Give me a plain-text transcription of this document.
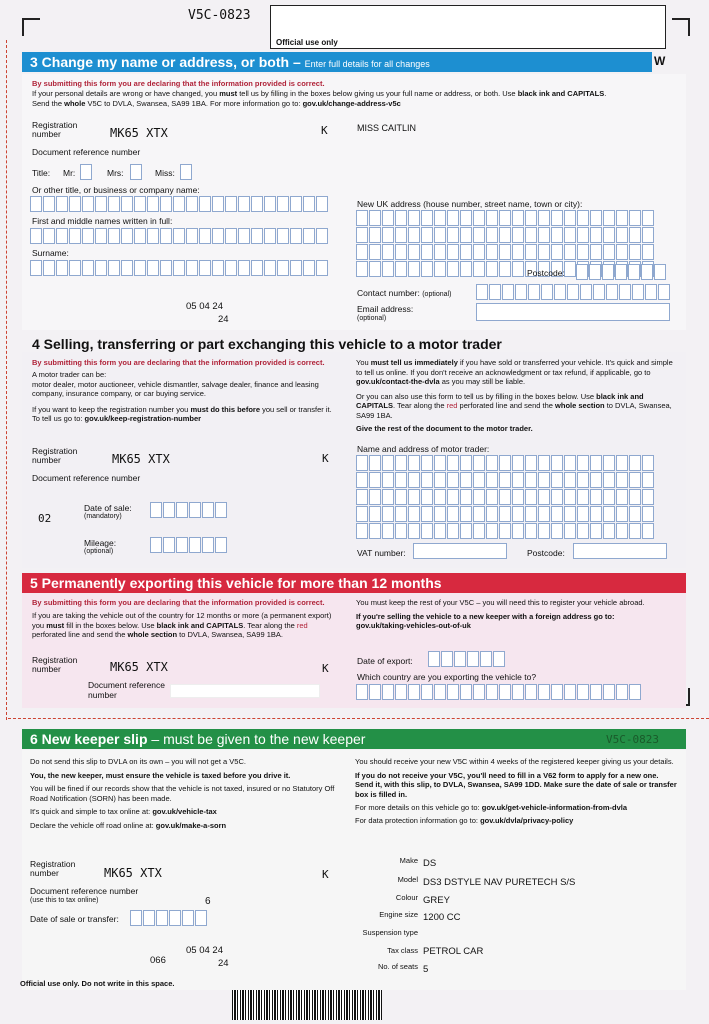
V5C-0823
Official use only
W
3 Change my name or address, or both – Enter full details for all changes
By submitting this form you are declaring that the information provided is correct.
If your personal details are wrong or have changed, you must tell us by filling in the boxes below giving us your full name or address, or both. Use black ink and CAPITALS.
Send the whole V5C to DVLA, Swansea, SA99 1BA. For more information go to: gov.uk/change-address-v5c
Registration number	MK65 XTX	K	MISS CAITLIN
Document reference number
Title: Mr:	Mrs:	Miss:
Or other title, or business or company name:
First and middle names written in full:
Surname:
New UK address (house number, street name, town or city):
Postcode:
Contact number: (optional)
Email address:
(optional)
05 04 24
24
4 Selling, transferring or part exchanging this vehicle to a motor trader
By submitting this form you are declaring that the information provided is correct.
A motor trader can be:
motor dealer, motor auctioneer, vehicle dismantler, salvage dealer, finance and leasing company, insurance company, or car buying service.
If you want to keep the registration number you must do this before you sell or transfer it. To tell us go to: gov.uk/keep-registration-number
You must tell us immediately if you have sold or transferred your vehicle. It's quick and simple to tell us online. If you don't receive an acknowledgment or tax refund, if applicable, go to gov.uk/contact-the-dvla as you may still be liable.
Or you can also use this form to tell us by filling in the boxes below. Use black ink and CAPITALS. Tear along the red perforated line and send the whole section to DVLA, Swansea, SA99 1BA.
Give the rest of the document to the motor trader.
Registration number	MK65 XTX	K
Document reference number
Name and address of motor trader:
Date of sale:
(mandatory)
02
Mileage:
(optional)	VAT number:	Postcode:
5 Permanently exporting this vehicle for more than 12 months
By submitting this form you are declaring that the information provided is correct.
If you are taking the vehicle out of the country for 12 months or more (a permanent export) you must fill in the boxes below. Use black ink and CAPITALS. Tear along the red perforated line and send the whole section to DVLA, Swansea, SA99 1BA.
You must keep the rest of your V5C – you will need this to register your vehicle abroad.
If you're selling the vehicle to a new keeper with a foreign address go to:
gov.uk/taking-vehicles-out-of-uk
Registration number	MK65 XTX	K
Document reference number
Date of export:
Which country are you exporting the vehicle to?
6 New keeper slip – must be given to the new keeper	V5C-0823
Do not send this slip to DVLA on its own – you will not get a V5C.
You, the new keeper, must ensure the vehicle is taxed before you drive it.
You will be fined if our records show that the vehicle is not taxed, insured or no Statutory Off Road Notification (SORN) has been made.
It's quick and simple to tax online at: gov.uk/vehicle-tax
Declare the vehicle off road online at: gov.uk/make-a-sorn
You should receive your new V5C within 4 weeks of the registered keeper giving us your details.
If you do not receive your V5C, you'll need to fill in a V62 form to apply for a new one. Send it, with this slip, to DVLA, Swansea, SA99 1DD. Make sure the date of sale or transfer box is filled in.
For more details on this vehicle go to: gov.uk/get-vehicle-information-from-dvla
For data protection information go to: gov.uk/dvla/privacy-policy
Registration number	MK65 XTX	K
Document reference number
(use this to tax online)	6
Date of sale or transfer:
05 04 24
24
066
Make DS
Model DS3 DSTYLE NAV PURETECH S/S
Colour GREY
Engine size 1200 CC
Suspension type
Tax class PETROL CAR
No. of seats 5
Official use only. Do not write in this space.
